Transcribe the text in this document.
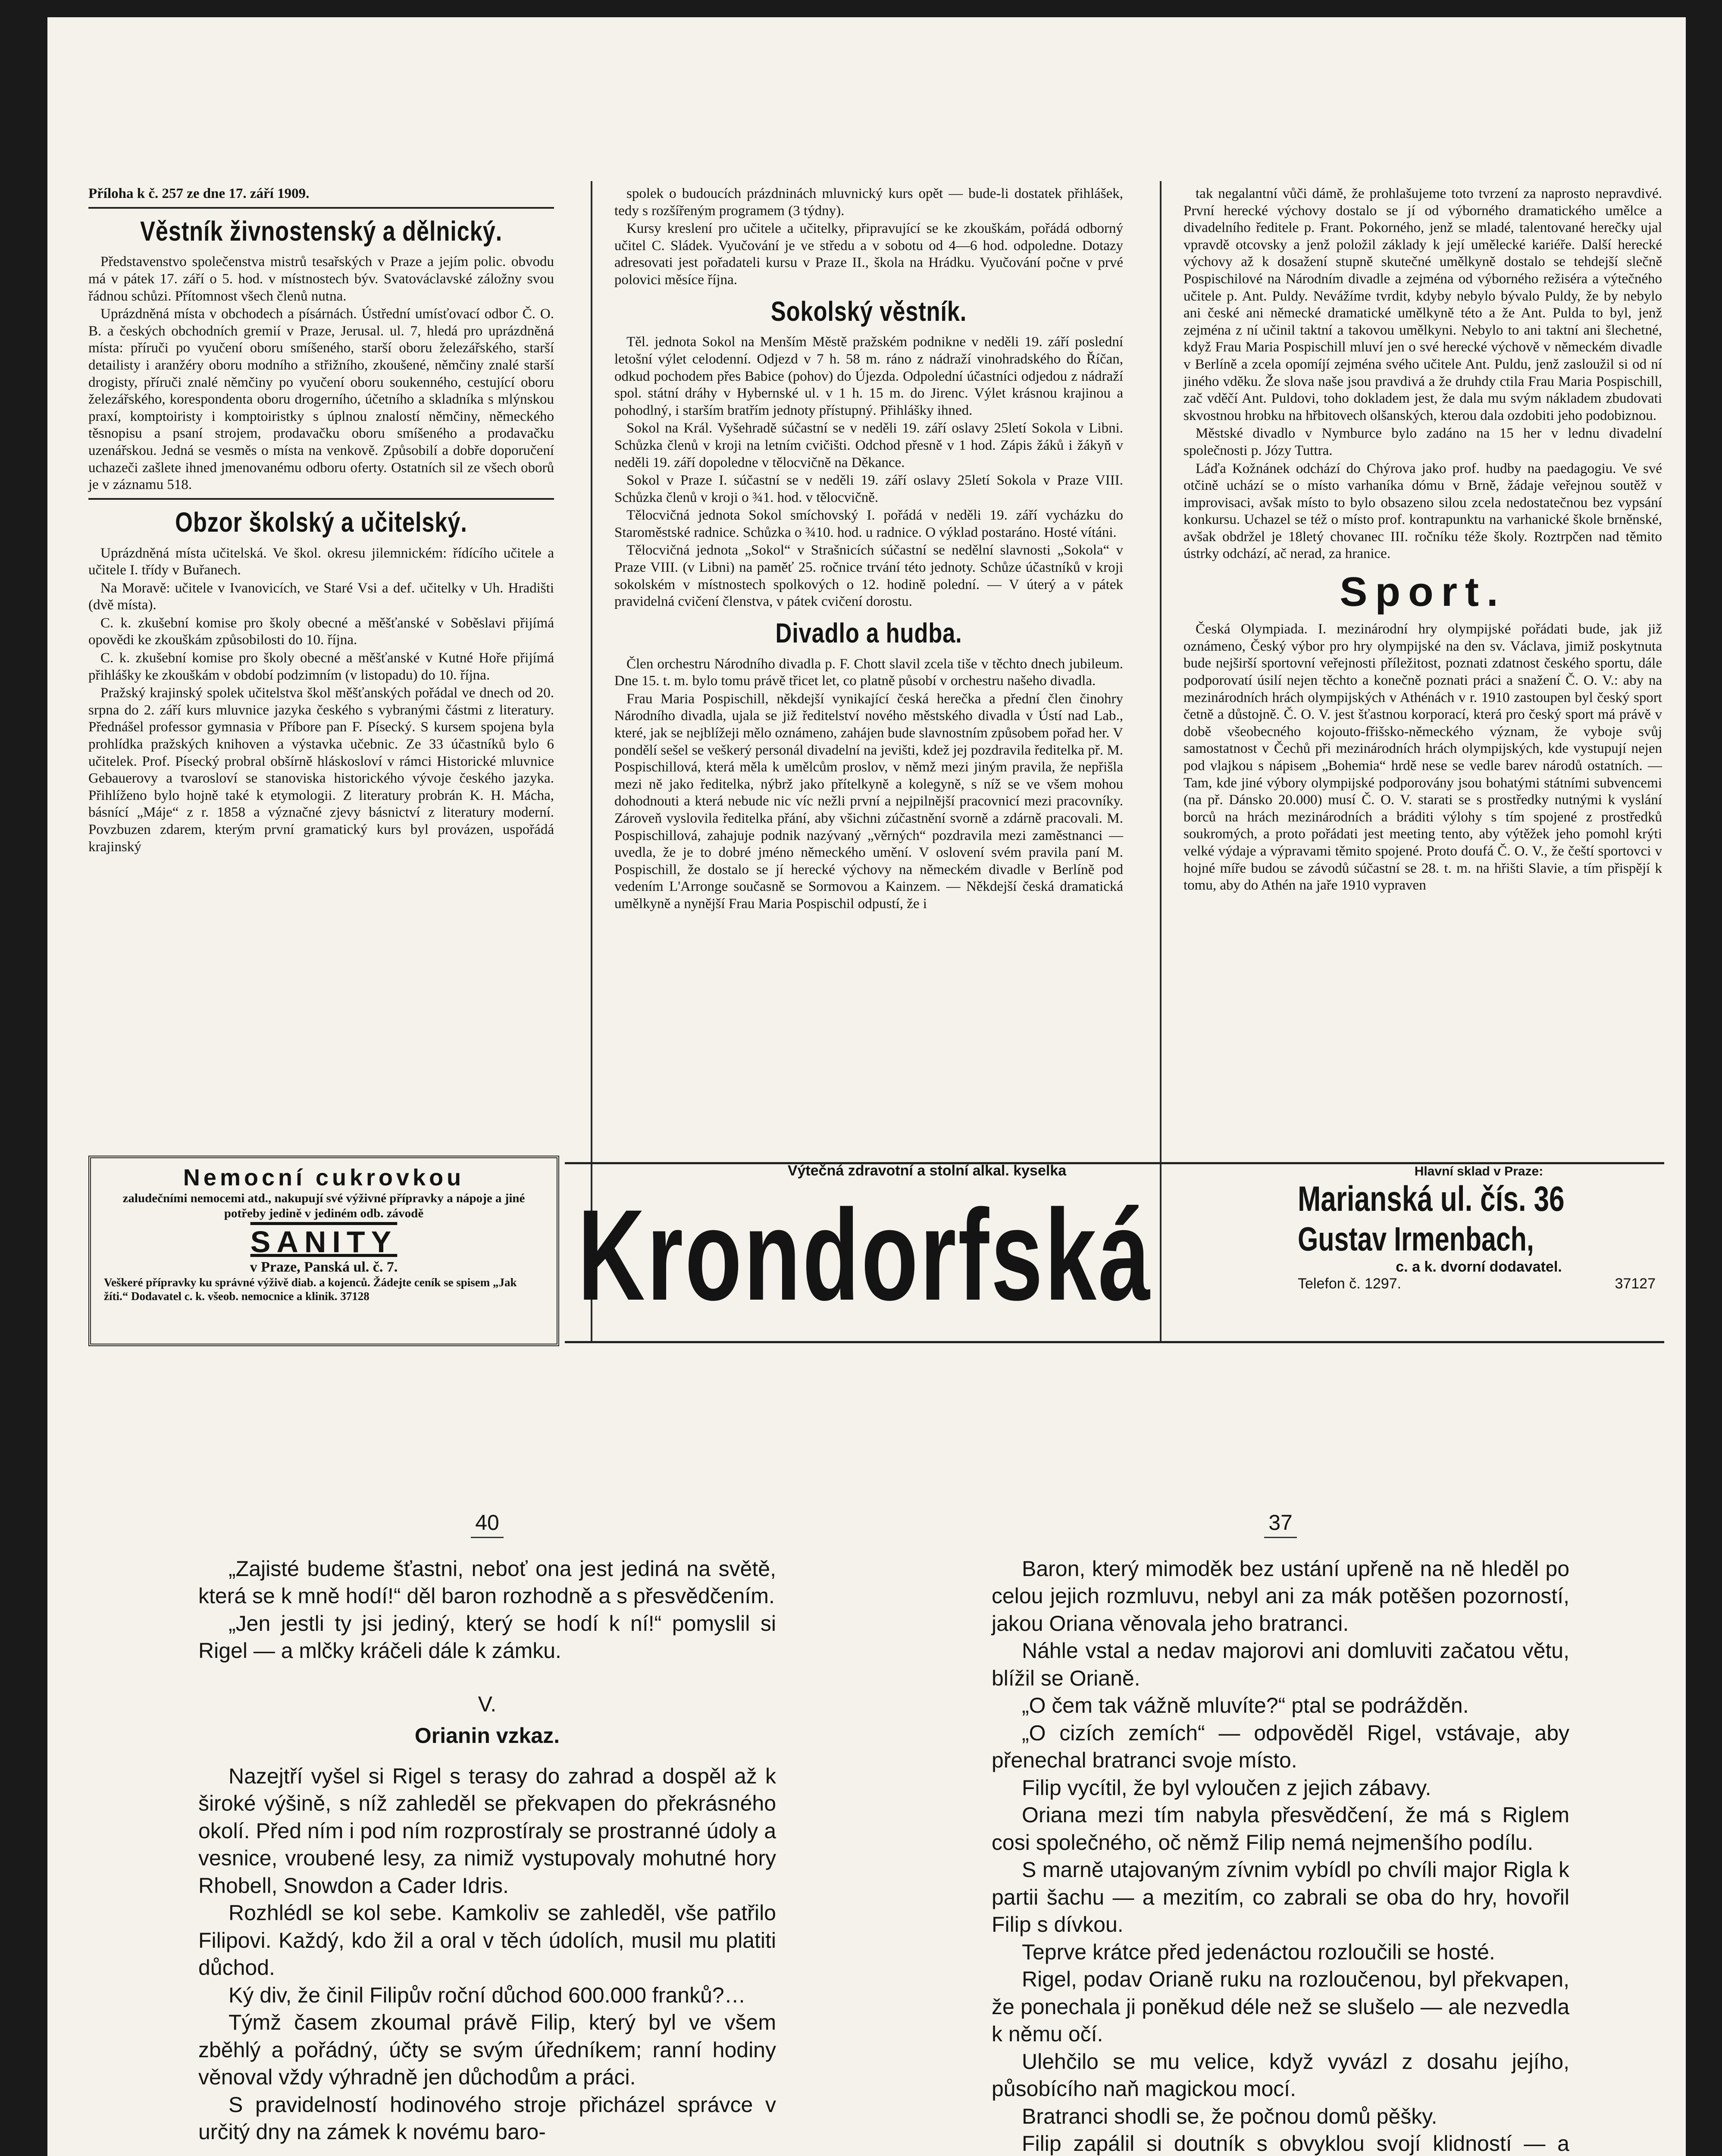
Příloha k č. 257 ze dne 17. září 1909.
Věstník živnostenský a dělnický.

Představenstvo společenstva mistrů tesařských v Praze a jejím polic. obvodu má v pátek 17. září o 5. hod. v místnostech býv. Svatováclavské záložny svou řádnou schůzi. Přítomnost všech členů nutna.

Uprázdněná místa v obchodech a písárnách. Ústřední umísťovací odbor Č. O. B. a českých obchodních gremií v Praze, Jerusal. ul. 7, hledá pro uprázdněná místa: příruči po vyučení oboru smíšeného, starší oboru železářského, starší detailisty i aranžéry oboru modního a střižního, zkoušené, němčiny znalé starší drogisty, příruči znalé němčiny po vyučení oboru soukenného, cestující oboru železářského, korespondenta oboru drogerního, účetního a skladníka s mlýnskou praxí, komptoiristy i komptoiristky s úplnou znalostí němčiny, německého těsnopisu a psaní strojem, prodavačku oboru smíšeného a prodavačku uzenářskou. Jedná se vesměs o místa na venkově. Způsobilí a dobře doporučení uchazeči zašlete ihned jmenovanému odboru oferty. Ostatních sil ze všech oborů je v záznamu 518.

Obzor školský a učitelský.

Uprázdněná místa učitelská. Ve škol. okresu jilemnickém: řídícího učitele a učitele I. třídy v Buřanech.

Na Moravě: učitele v Ivanovicích, ve Staré Vsi a def. učitelky v Uh. Hradišti (dvě místa).

C. k. zkušební komise pro školy obecné a měšťanské v Soběslavi přijímá opovědi ke zkouškám způsobilosti do 10. října.

C. k. zkušební komise pro školy obecné a měšťanské v Kutné Hoře přijímá přihlášky ke zkouškám v období podzimním (v listopadu) do 10. října.

Pražský krajinský spolek učitelstva škol měšťanských pořádal ve dnech od 20. srpna do 2. září kurs mluvnice jazyka českého s vybranými částmi z literatury. Přednášel professor gymnasia v Příbore pan F. Písecký. S kursem spojena byla prohlídka pražských knihoven a výstavka učebnic. Ze 33 účastníků bylo 6 učitelek. Prof. Písecký probral obšírně hláskosloví v rámci Historické mluvnice Gebauerovy a tvarosloví se stanoviska historického vývoje českého jazyka. Přihlíženo bylo hojně také k etymologii. Z literatury probrán K. H. Mácha, básnící „Máje“ z r. 1858 a význačné zjevy básnictví z literatury moderní. Povzbuzen zdarem, kterým první gramatický kurs byl provázen, uspořádá krajinský

spolek o budoucích prázdninách mluvnický kurs opět — bude-li dostatek přihlášek, tedy s rozšířeným programem (3 týdny).

Kursy kreslení pro učitele a učitelky, připravující se ke zkouškám, pořádá odborný učitel C. Sládek. Vyučování je ve středu a v sobotu od 4—6 hod. odpoledne. Dotazy adresovati jest pořadateli kursu v Praze II., škola na Hrádku. Vyučování počne v prvé polovici měsíce října.

Sokolský věstník.

Těl. jednota Sokol na Menším Městě pražském podnikne v neděli 19. září poslední letošní výlet celodenní. Odjezd v 7 h. 58 m. ráno z nádraží vinohradského do Říčan, odkud pochodem přes Babice (pohov) do Újezda. Odpolední účastníci odjedou z nádraží spol. státní dráhy v Hybernské ul. v 1 h. 15 m. do Jirenc. Výlet krásnou krajinou a pohodlný, i starším bratřím jednoty přístupný. Přihlášky ihned.

Sokol na Král. Vyšehradě súčastní se v neděli 19. září oslavy 25letí Sokola v Libni. Schůzka členů v kroji na letním cvičišti. Odchod přesně v 1 hod. Zápis žáků i žákyň v neděli 19. září dopoledne v tělocvičně na Děkance.

Sokol v Praze I. súčastní se v neděli 19. září oslavy 25letí Sokola v Praze VIII. Schůzka členů v kroji o ¾1. hod. v tělocvičně.

Tělocvičná jednota Sokol smíchovský I. pořádá v neděli 19. září vycházku do Staroměstské radnice. Schůzka o ¾10. hod. u radnice. O výklad postaráno. Hosté vítáni.

Tělocvičná jednota „Sokol“ v Strašnicích súčastní se nedělní slavnosti „Sokola“ v Praze VIII. (v Libni) na paměť 25. ročnice trvání této jednoty. Schůze účastníků v kroji sokolském v místnostech spolkových o 12. hodině polední. — V úterý a v pátek pravidelná cvičení členstva, v pátek cvičení dorostu.

Divadlo a hudba.

Člen orchestru Národního divadla p. F. Chott slavil zcela tiše v těchto dnech jubileum. Dne 15. t. m. bylo tomu právě třicet let, co platně působí v orchestru našeho divadla.

Frau Maria Pospischill, někdejší vynikající česká herečka a přední člen činohry Národního divadla, ujala se již ředitelství nového městského divadla v Ústí nad Lab., které, jak se nejblížeji mělo oznámeno, zahájen bude slavnostním způsobem pořad her. V pondělí sešel se veškerý personál divadelní na jevišti, kdež jej pozdravila ředitelka př. M. Pospischillová, která měla k umělcům proslov, v němž mezi jiným pravila, že nepřišla mezi ně jako ředitelka, nýbrž jako přítelkyně a kolegyně, s níž se ve všem mohou dohodnouti a která nebude nic víc nežli první a nejpilnější pracovnicí mezi pracovníky. Zároveň vyslovila ředitelka přání, aby všichni zúčastnění svorně a zdárně pracovali. M. Pospischillová, zahajuje podnik nazývaný „věrných“ pozdravila mezi zaměstnanci — uvedla, že je to dobré jméno německého umění. V oslovení svém pravila paní M. Pospischill, že dostalo se jí herecké výchovy na německém divadle v Berlíně pod vedením L'Arronge současně se Sormovou a Kainzem. — Někdejší česká dramatická umělkyně a nynější Frau Maria Pospischil odpustí, že i

tak negalantní vůči dámě, že prohlašujeme toto tvrzení za naprosto nepravdivé. První herecké výchovy dostalo se jí od výborného dramatického umělce a divadelního ředitele p. Frant. Pokorného, jenž se mladé, talentované herečky ujal vpravdě otcovsky a jenž položil základy k její umělecké kariéře. Další herecké výchovy až k dosažení stupně skutečné umělkyně dostalo se tehdejší slečně Pospischilové na Národním divadle a zejména od výborného režiséra a výtečného učitele p. Ant. Puldy. Nevážíme tvrdit, kdyby nebylo bývalo Puldy, že by nebylo ani české ani německé dramatické umělkyně této a že Ant. Pulda to byl, jenž zejména z ní učinil taktní a takovou umělkyni. Nebylo to ani taktní ani šlechetné, když Frau Maria Pospischill mluví jen o své herecké výchově v německém divadle v Berlíně a zcela opomíjí zejména svého učitele Ant. Puldu, jenž zasloužil si od ní jiného vděku. Že slova naše jsou pravdivá a že druhdy ctila Frau Maria Pospischill, zač vděčí Ant. Puldovi, toho dokladem jest, že dala mu svým nákladem zbudovati skvostnou hrobku na hřbitovech olšanských, kterou dala ozdobiti jeho podobiznou.

Městské divadlo v Nymburce bylo zadáno na 15 her v lednu divadelní společnosti p. Józy Tuttra.

Láďa Kožnánek odchází do Chýrova jako prof. hudby na paedagogiu. Ve své otčině uchází se o místo varhaníka dómu v Brně, žádaje veřejnou soutěž v improvisaci, avšak místo to bylo obsazeno silou zcela nedostatečnou bez vypsání konkursu. Uchazel se též o místo prof. kontrapunktu na varhanické škole brněnské, avšak obdržel je 18letý chovanec III. ročníku téže školy. Roztrpčen nad těmito ústrky odchází, ač nerad, za hranice.

Sport.

Česká Olympiada. I. mezinárodní hry olympijské pořádati bude, jak již oznámeno, Český výbor pro hry olympijské na den sv. Václava, jimiž poskytnuta bude nejširší sportovní veřejnosti příležitost, poznati zdatnost českého sportu, dále podporovatí úsilí nejen těchto a konečně poznati práci a snažení Č. O. V.: aby na mezinárodních hrách olympijských v Athénách v r. 1910 zastoupen byl český sport četně a důstojně. Č. O. V. jest šťastnou korporací, která pro český sport má právě v době všeobecného kojouto-fřišsko-německého význam, že vyboje svůj samostatnost v Čechů při mezinárodních hrách olympijských, kde vystupují nejen pod vlajkou s nápisem „Bohemia“ hrdě nese se vedle barev národů ostatních. — Tam, kde jiné výbory olympijské podporovány jsou bohatými státními subvencemi (na př. Dánsko 20.000) musí Č. O. V. starati se s prostředky nutnými k vyslání borců na hrách mezinárodních a bráditi výlohy s tím spojené z prostředků soukromých, a proto pořádati jest meeting tento, aby výtěžek jeho pomohl krýti velké výdaje a výpravami těmito spojené. Proto doufá Č. O. V., že čeští sportovci v hojné míře budou se závodů súčastní se 28. t. m. na hřišti Slavie, a tím přispějí k tomu, aby do Athén na jaře 1910 vypraven

Nemocní cukrovkou
zaludečními nemocemi atd., nakupují své výživné přípravky a nápoje a jiné potřeby jedině v jediném odb. závodě
SANITY
v Praze, Panská ul. č. 7.
Veškeré přípravky ku správné výživě diab. a kojenců. Žádejte ceník se spisem „Jak žíti.“ Dodavatel c. k. všeob. nemocnice a klinik. 37128
Výtečná zdravotní a stolní alkal. kyselka
Krondorfská
Hlavní sklad v Praze:
Marianská ul. čís. 36
Gustav Irmenbach,
c. a k. dvorní dodavatel.
Telefon č. 1297.	37127
40

„Zajisté budeme šťastni, neboť ona jest jediná na světě, která se k mně hodí!“ děl baron rozhodně a s přesvědčením.

„Jen jestli ty jsi jediný, který se hodí k ní!“ pomyslil si Rigel — a mlčky kráčeli dále k zámku.

V.
Orianin vzkaz.

Nazejtří vyšel si Rigel s terasy do zahrad a dospěl až k široké výšině, s níž zahleděl se překvapen do překrásného okolí. Před ním i pod ním rozprostíraly se prostranné údoly a vesnice, vroubené lesy, za nimiž vystupovaly mohutné hory Rhobell, Snowdon a Cader Idris.

Rozhlédl se kol sebe. Kamkoliv se zahleděl, vše patřilo Filipovi. Každý, kdo žil a oral v těch údolích, musil mu platiti důchod.

Ký div, že činil Filipův roční důchod 600.000 franků?…

Týmž časem zkoumal právě Filip, který byl ve všem zběhlý a pořádný, účty se svým úředníkem; ranní hodiny věnoval vždy výhradně jen důchodům a práci.

S pravidelností hodinového stroje přicházel správce v určitý dny na zámek k novému baro-

37

Baron, který mimoděk bez ustání upřeně na ně hleděl po celou jejich rozmluvu, nebyl ani za mák potěšen pozorností, jakou Oriana věnovala jeho bratranci.

Náhle vstal a nedav majorovi ani domluviti začatou větu, blížil se Orianě.

„O čem tak vážně mluvíte?“ ptal se podrážděn.

„O cizích zemích“ — odpověděl Rigel, vstávaje, aby přenechal bratranci svoje místo.

Filip vycítil, že byl vyloučen z jejich zábavy.

Oriana mezi tím nabyla přesvědčení, že má s Riglem cosi společného, oč němž Filip nemá nejmenšího podílu.

S marně utajovaným zívnim vybídl po chvíli major Rigla k partii šachu — a mezitím, co zabrali se oba do hry, hovořil Filip s dívkou.

Teprve krátce před jedenáctou rozloučili se hosté.

Rigel, podav Orianě ruku na rozloučenou, byl překvapen, že ponechala ji poněkud déle než se slušelo — ale nezvedla k němu očí.

Ulehčilo se mu velice, když vyvázl z dosahu jejího, působícího naň magickou mocí.

Bratranci shodli se, že počnou domů pěšky.

Filip zapálil si doutník s obvyklou svojí klidností — a
